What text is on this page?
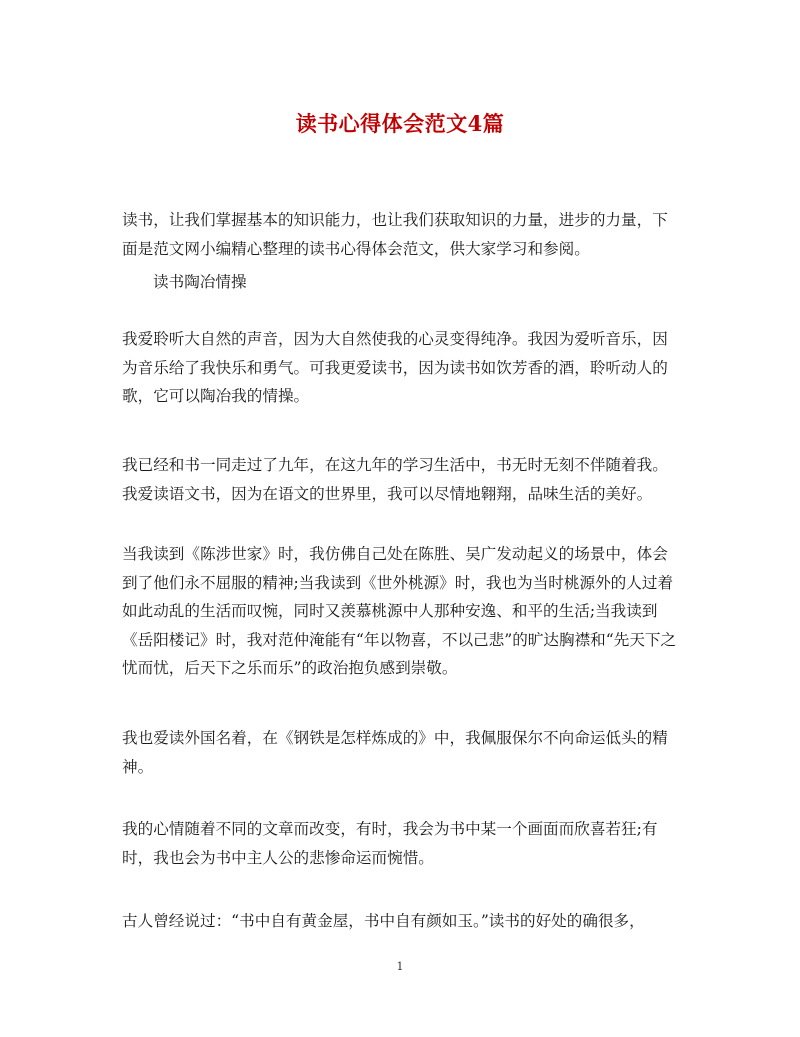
读书心得体会范文4篇

读书，让我们掌握基本的知识能力，也让我们获取知识的力量，进步的力量，下面是范文网小编精心整理的读书心得体会范文，供大家学习和参阅。

读书陶冶情操

我爱聆听大自然的声音，因为大自然使我的心灵变得纯净。我因为爱听音乐，因为音乐给了我快乐和勇气。可我更爱读书，因为读书如饮芳香的酒，聆听动人的歌，它可以陶冶我的情操。

我已经和书一同走过了九年，在这九年的学习生活中，书无时无刻不伴随着我。我爱读语文书，因为在语文的世界里，我可以尽情地翱翔，品味生活的美好。

当我读到《陈涉世家》时，我仿佛自己处在陈胜、吴广发动起义的场景中，体会到了他们永不屈服的精神;当我读到《世外桃源》时，我也为当时桃源外的人过着如此动乱的生活而叹惋，同时又羡慕桃源中人那种安逸、和平的生活;当我读到《岳阳楼记》时，我对范仲淹能有“年以物喜，不以己悲”的旷达胸襟和“先天下之忧而忧，后天下之乐而乐”的政治抱负感到崇敬。

我也爱读外国名着，在《钢铁是怎样炼成的》中，我佩服保尔不向命运低头的精神。

我的心情随着不同的文章而改变，有时，我会为书中某一个画面而欣喜若狂;有时，我也会为书中主人公的悲惨命运而惋惜。

古人曾经说过：“书中自有黄金屋，书中自有颜如玉。”读书的好处的确很多，

1
